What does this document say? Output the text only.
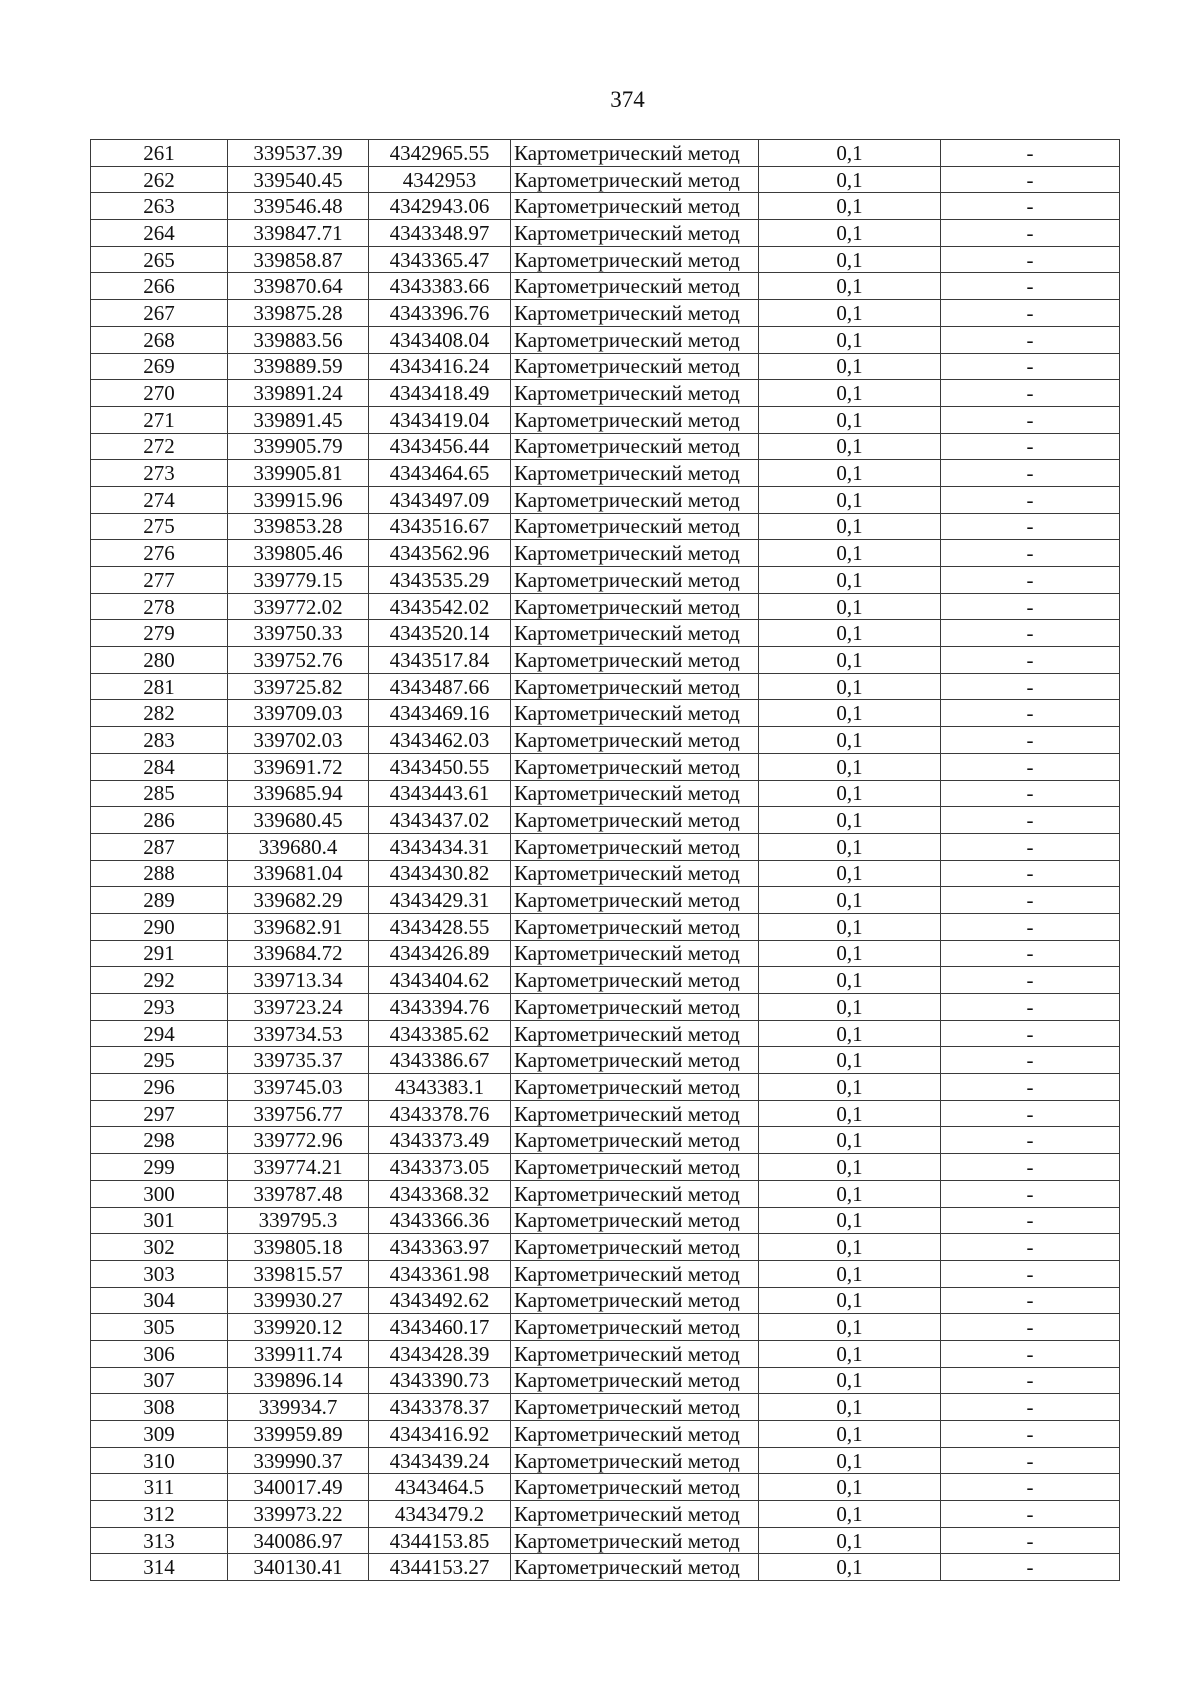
374
261	339537.39	4342965.55	Картометрический метод	0,1	-
262	339540.45	4342953	Картометрический метод	0,1	-
263	339546.48	4342943.06	Картометрический метод	0,1	-
264	339847.71	4343348.97	Картометрический метод	0,1	-
265	339858.87	4343365.47	Картометрический метод	0,1	-
266	339870.64	4343383.66	Картометрический метод	0,1	-
267	339875.28	4343396.76	Картометрический метод	0,1	-
268	339883.56	4343408.04	Картометрический метод	0,1	-
269	339889.59	4343416.24	Картометрический метод	0,1	-
270	339891.24	4343418.49	Картометрический метод	0,1	-
271	339891.45	4343419.04	Картометрический метод	0,1	-
272	339905.79	4343456.44	Картометрический метод	0,1	-
273	339905.81	4343464.65	Картометрический метод	0,1	-
274	339915.96	4343497.09	Картометрический метод	0,1	-
275	339853.28	4343516.67	Картометрический метод	0,1	-
276	339805.46	4343562.96	Картометрический метод	0,1	-
277	339779.15	4343535.29	Картометрический метод	0,1	-
278	339772.02	4343542.02	Картометрический метод	0,1	-
279	339750.33	4343520.14	Картометрический метод	0,1	-
280	339752.76	4343517.84	Картометрический метод	0,1	-
281	339725.82	4343487.66	Картометрический метод	0,1	-
282	339709.03	4343469.16	Картометрический метод	0,1	-
283	339702.03	4343462.03	Картометрический метод	0,1	-
284	339691.72	4343450.55	Картометрический метод	0,1	-
285	339685.94	4343443.61	Картометрический метод	0,1	-
286	339680.45	4343437.02	Картометрический метод	0,1	-
287	339680.4	4343434.31	Картометрический метод	0,1	-
288	339681.04	4343430.82	Картометрический метод	0,1	-
289	339682.29	4343429.31	Картометрический метод	0,1	-
290	339682.91	4343428.55	Картометрический метод	0,1	-
291	339684.72	4343426.89	Картометрический метод	0,1	-
292	339713.34	4343404.62	Картометрический метод	0,1	-
293	339723.24	4343394.76	Картометрический метод	0,1	-
294	339734.53	4343385.62	Картометрический метод	0,1	-
295	339735.37	4343386.67	Картометрический метод	0,1	-
296	339745.03	4343383.1	Картометрический метод	0,1	-
297	339756.77	4343378.76	Картометрический метод	0,1	-
298	339772.96	4343373.49	Картометрический метод	0,1	-
299	339774.21	4343373.05	Картометрический метод	0,1	-
300	339787.48	4343368.32	Картометрический метод	0,1	-
301	339795.3	4343366.36	Картометрический метод	0,1	-
302	339805.18	4343363.97	Картометрический метод	0,1	-
303	339815.57	4343361.98	Картометрический метод	0,1	-
304	339930.27	4343492.62	Картометрический метод	0,1	-
305	339920.12	4343460.17	Картометрический метод	0,1	-
306	339911.74	4343428.39	Картометрический метод	0,1	-
307	339896.14	4343390.73	Картометрический метод	0,1	-
308	339934.7	4343378.37	Картометрический метод	0,1	-
309	339959.89	4343416.92	Картометрический метод	0,1	-
310	339990.37	4343439.24	Картометрический метод	0,1	-
311	340017.49	4343464.5	Картометрический метод	0,1	-
312	339973.22	4343479.2	Картометрический метод	0,1	-
313	340086.97	4344153.85	Картометрический метод	0,1	-
314	340130.41	4344153.27	Картометрический метод	0,1	-
